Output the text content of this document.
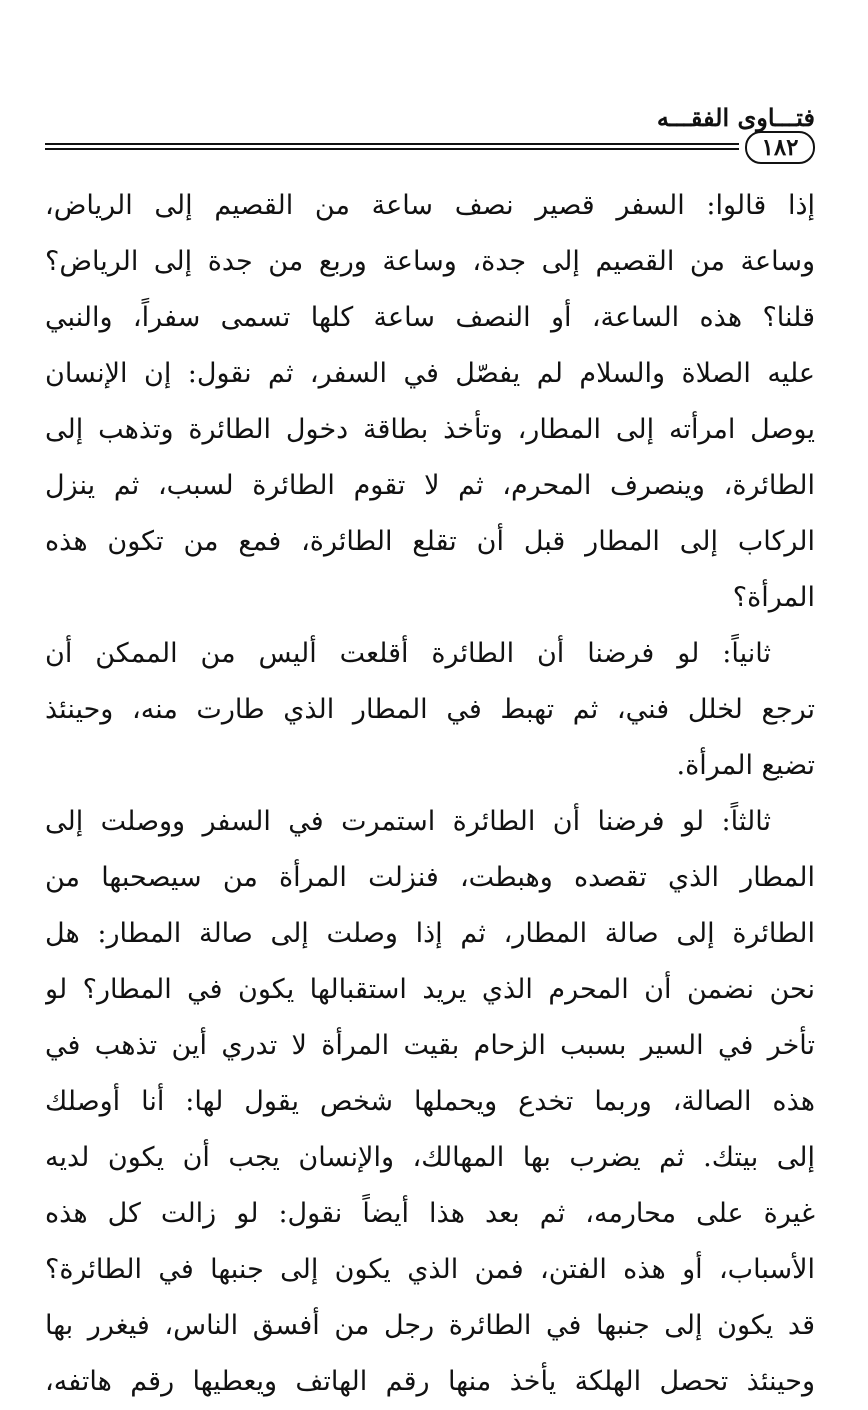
فتـــاوى الفقـــه
١٨٢
إذا قالوا: السفر قصير نصف ساعة من القصيم إلى الرياض،
وساعة من القصيم إلى جدة، وساعة وربع من جدة إلى الرياض؟
قلنا؟ هذه الساعة، أو النصف ساعة كلها تسمى سفراً، والنبي
عليه الصلاة والسلام لم يفصّل في السفر، ثم نقول: إن الإنسان
يوصل امرأته إلى المطار، وتأخذ بطاقة دخول الطائرة وتذهب إلى
الطائرة، وينصرف المحرم، ثم لا تقوم الطائرة لسبب، ثم ينزل
الركاب إلى المطار قبل أن تقلع الطائرة، فمع من تكون هذه
المرأة؟
ثانياً: لو فرضنا أن الطائرة أقلعت أليس من الممكن أن
ترجع لخلل فني، ثم تهبط في المطار الذي طارت منه، وحينئذ
تضيع المرأة.
ثالثاً: لو فرضنا أن الطائرة استمرت في السفر ووصلت إلى
المطار الذي تقصده وهبطت، فنزلت المرأة من سيصحبها من
الطائرة إلى صالة المطار، ثم إذا وصلت إلى صالة المطار: هل
نحن نضمن أن المحرم الذي يريد استقبالها يكون في المطار؟ لو
تأخر في السير بسبب الزحام بقيت المرأة لا تدري أين تذهب في
هذه الصالة، وربما تخدع ويحملها شخص يقول لها: أنا أوصلك
إلى بيتك. ثم يضرب بها المهالك، والإنسان يجب أن يكون لديه
غيرة على محارمه، ثم بعد هذا أيضاً نقول: لو زالت كل هذه
الأسباب، أو هذه الفتن، فمن الذي يكون إلى جنبها في الطائرة؟
قد يكون إلى جنبها في الطائرة رجل من أفسق الناس، فيغرر بها
وحينئذ تحصل الهلكة يأخذ منها رقم الهاتف ويعطيها رقم هاتفه،
